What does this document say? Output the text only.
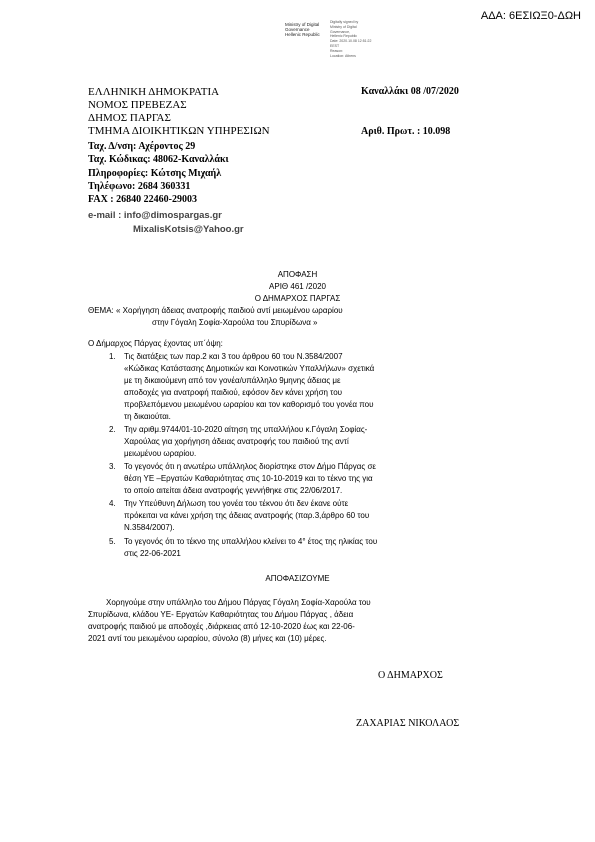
ΑΔΑ: 6ΕΣΙΩΞ0-ΔΩΗ
Ministry of Digital
Governance
Hellenic Republic
Digitally signed by
Ministry of Digital
Governance,
Hellenic Republic
Date: 2020.10.08 12:51:22
EEST
Reason:
Location: Athens
ΕΛΛΗΝΙΚΗ ΔΗΜΟΚΡΑΤΙΑ
ΝΟΜΟΣ ΠΡΕΒΕΖΑΣ
ΔΗΜΟΣ ΠΑΡΓΑΣ
ΤΜΗΜΑ ΔΙΟΙΚΗΤΙΚΩΝ ΥΠΗΡΕΣΙΩΝ
Καναλλάκι 08 /07/2020
Αριθ. Πρωτ. : 10.098
Ταχ. Δ/νση: Αχέροντος 29
Ταχ. Κώδικας: 48062-Καναλλάκι
Πληροφορίες: Κώτσης Μιχαήλ
Τηλέφωνο: 2684 360331
FAX : 26840 22460-29003
e-mail : info@dimospargas.gr
MixalisKotsis@Yahoo.gr
ΑΠΟΦΑΣΗ
ΑΡΙΘ 461 /2020
Ο ΔΗΜΑΡΧΟΣ ΠΑΡΓΑΣ
ΘΕΜΑ: « Χορήγηση άδειας ανατροφής παιδιού αντί μειωμένου ωραρίου
στην Γόγαλη Σοφία-Χαρούλα του Σπυρίδωνα »
Ο Δήμαρχος Πάργας έχοντας υπ΄όψη:
1. Τις διατάξεις των παρ.2 και 3 του άρθρου 60 του Ν.3584/2007
«Κώδικας Κατάστασης Δημοτικών και Κοινοτικών Υπαλλήλων» σχετικά
με τη δικαιούμενη από τον γονέα/υπάλληλο 9μηνης άδειας με
αποδοχές για ανατροφή παιδιού, εφόσον δεν κάνει χρήση του
προβλεπόμενου μειωμένου ωραρίου και τον καθορισμό του γονέα που
τη δικαιούται.
2. Την αριθμ.9744/01-10-2020 αίτηση της υπαλλήλου κ.Γόγαλη Σοφίας-
Χαρούλας για χορήγηση άδειας ανατροφής του παιδιού της αντί
μειωμένου ωραρίου.
3. Το γεγονός ότι η ανωτέρω υπάλληλος διορίστηκε στον Δήμο Πάργας σε
θέση ΥΕ –Εργατών Καθαριότητας στις 10-10-2019 και το τέκνο της για
το οποίο αιτείται άδεια ανατροφής γεννήθηκε στις 22/06/2017.
4. Την Υπεύθυνη Δήλωση του γονέα του τέκνου ότι δεν έκανε ούτε
πρόκειται να κάνει χρήση της άδειας ανατροφής (παρ.3,άρθρο 60 του
Ν.3584/2007).
5. Το γεγονός ότι το τέκνο της υπαλλήλου κλείνει το 4° έτος της ηλικίας του
στις 22-06-2021
ΑΠΟΦΑΣΙΖΟΥΜΕ
Χορηγούμε στην υπάλληλο του Δήμου Πάργας Γόγαλη Σοφία-Χαρούλα του
Σπυρίδωνα, κλάδου ΥΕ- Εργατών Καθαριότητας του Δήμου Πάργας , άδεια
ανατροφής παιδιού με αποδοχές ,διάρκειας από 12-10-2020 έως και 22-06-
2021 αντί του μειωμένου ωραρίου, σύνολο (8) μήνες και (10) μέρες.
Ο ΔΗΜΑΡΧΟΣ
ΖΑΧΑΡΙΑΣ ΝΙΚΟΛΑΟΣ
